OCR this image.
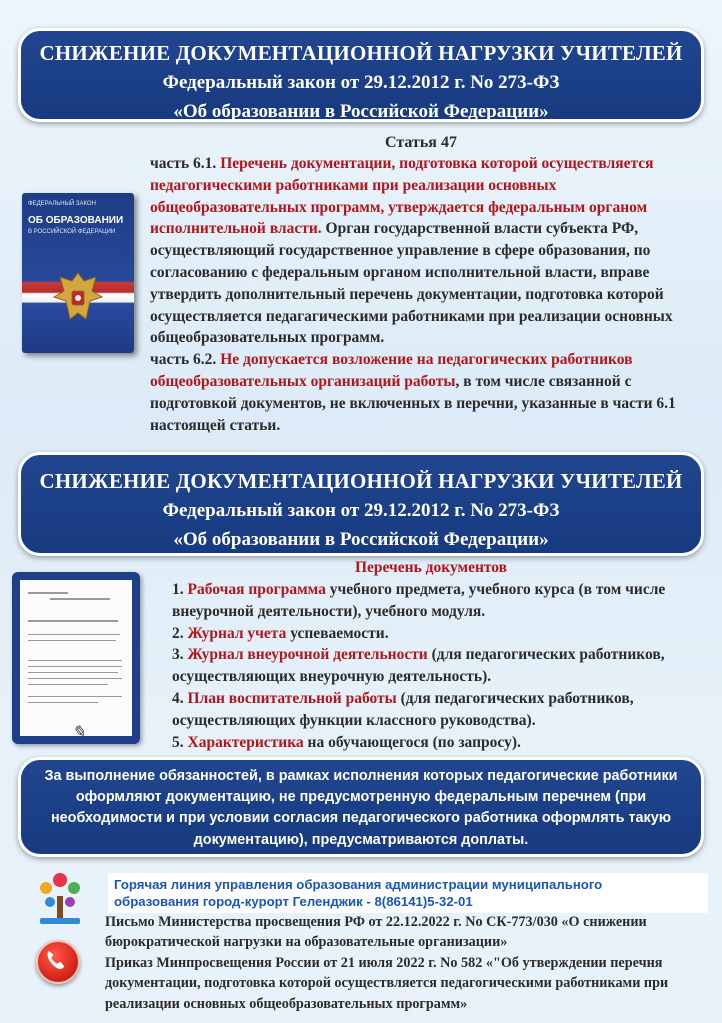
СНИЖЕНИЕ ДОКУМЕНТАЦИОННОЙ НАГРУЗКИ УЧИТЕЛЕЙ
Федеральный закон от 29.12.2012 г. No 273-ФЗ
«Об образовании в Российской Федерации»
Статья 47
ФЕДЕРАЛЬНЫЙ ЗАКОН
ОБ ОБРАЗОВАНИИ
В РОССИЙСКОЙ ФЕДЕРАЦИИ
часть 6.1. Перечень документации, подготовка которой осуществляется педагогическими работниками при реализации основных общеобразовательных программ, утверждается федеральным органом исполнительной власти. Орган государственной власти субъекта РФ, осуществляющий государственное управление в сфере образования, по согласованию с федеральным органом исполнительной власти, вправе утвердить дополнительный перечень документации, подготовка которой осуществляется педагагическими работниками при реализации основных общеобразовательных программ.
часть 6.2. Не допускается возложение на педагогических работников общеобразовательных организаций работы, в том числе связанной с подготовкой документов, не включенных в перечни, указанные в части 6.1 настоящей статьи.
СНИЖЕНИЕ ДОКУМЕНТАЦИОННОЙ НАГРУЗКИ УЧИТЕЛЕЙ
Федеральный закон от 29.12.2012 г. No 273-ФЗ
«Об образовании в Российской Федерации»
✎
Перечень документов

1. Рабочая программа учебного предмета, учебного курса (в том числе внеурочной деятельности), учебного модуля.

2. Журнал учета успеваемости.

3. Журнал внеурочной деятельности (для педагогических работников, осуществляющих внеурочную деятельность).

4. План воспитательной работы (для педагогических работников, осуществляющих функции классного руководства).

5. Характеристика на обучающегося (по запросу).

За выполнение обязанностей, в рамках исполнения которых педагогические работники оформляют документацию, не предусмотренную федеральным перечнем (при необходимости и при условии согласия педагогического работника оформлять такую документацию), предусматриваются доплаты.
Горячая линия управления образования администрации муниципального
образования город-курорт Геленджик - 8(86141)5-32-01

Письмо Министерства просвещения РФ от 22.12.2022 г. No СК-773/030 «О снижении бюрократической нагрузки на образовательные организации»

Приказ Минпросвещения России от 21 июля 2022 г. No 582 «"Об утверждении перечня документации, подготовка которой осуществляется педагогическими работниками при реализации основных общеобразовательных программ»
